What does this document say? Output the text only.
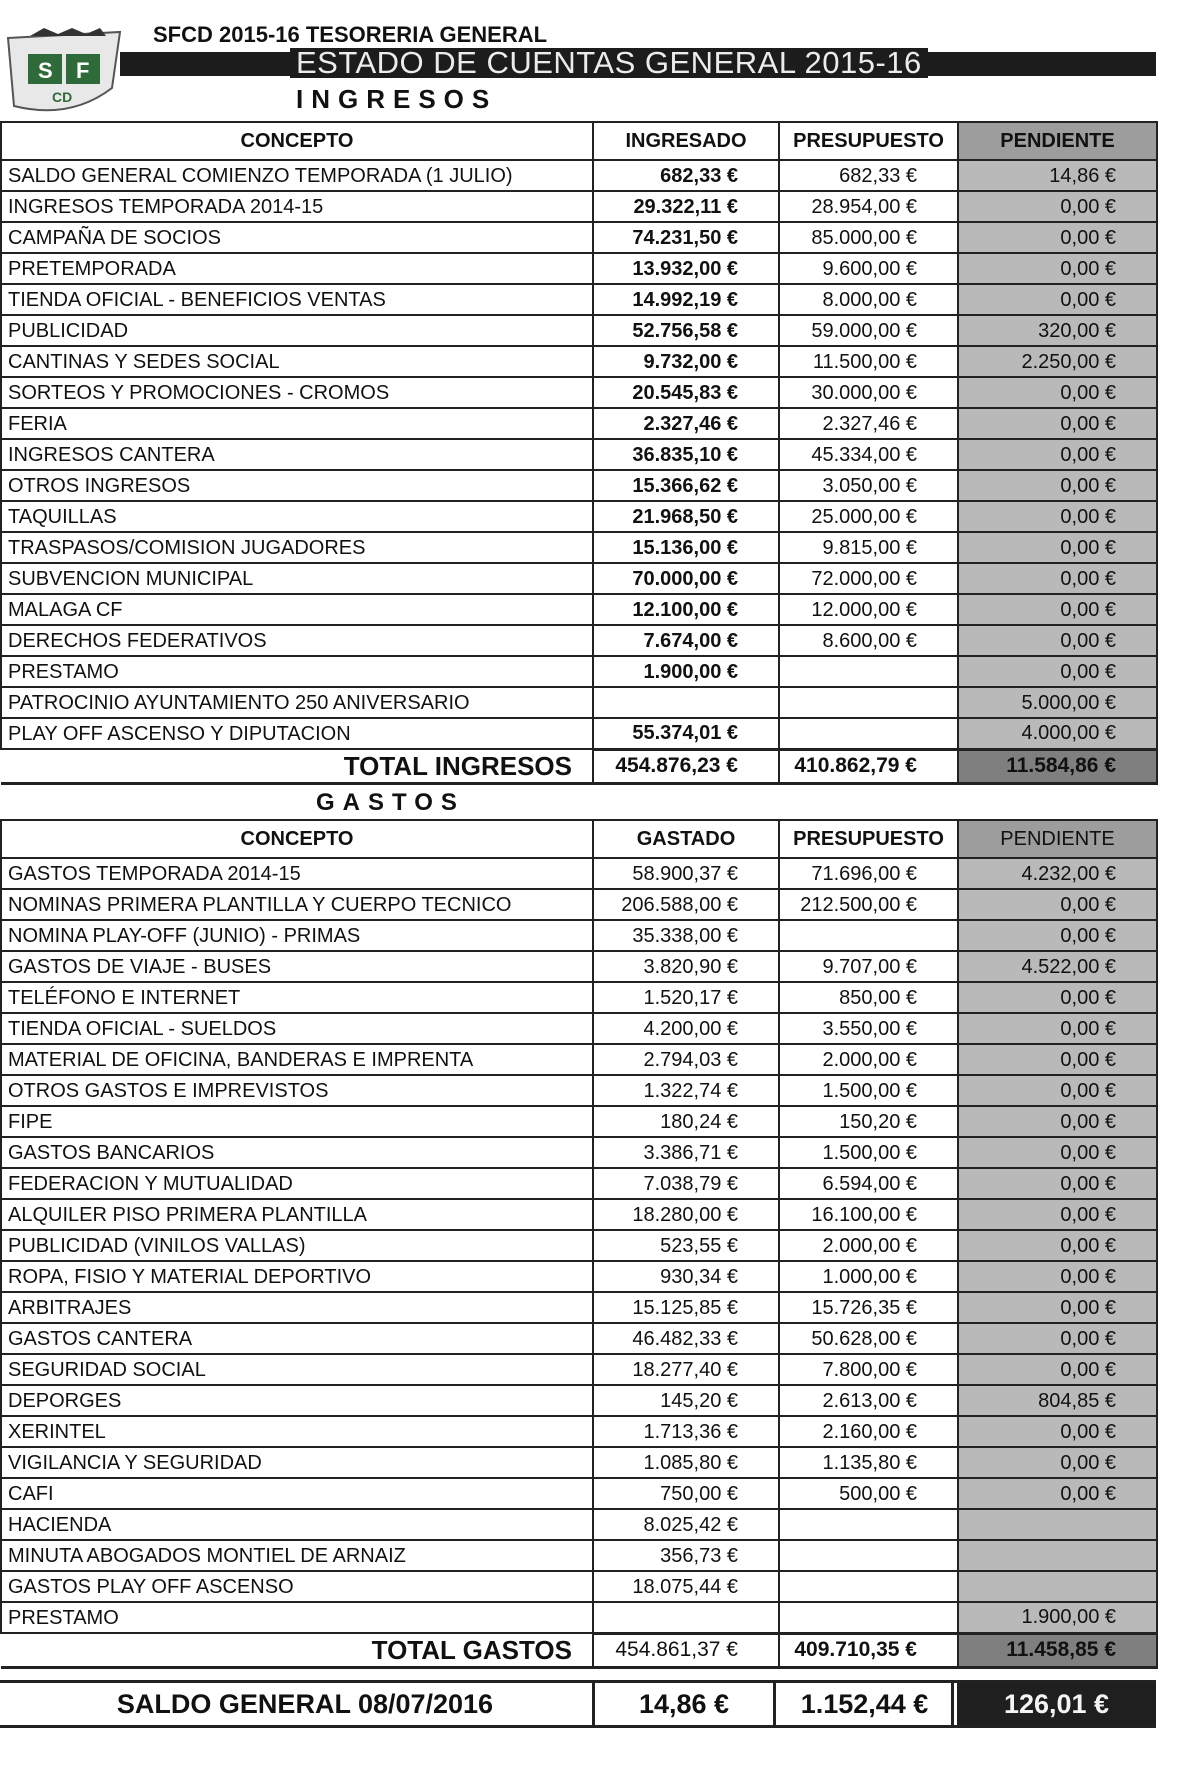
S F
CD
SFCD 2015-16 TESORERIA GENERAL
ESTADO DE CUENTAS GENERAL 2015-16
INGRESOS
CONCEPTO	INGRESADO	PRESUPUESTO	PENDIENTE
SALDO GENERAL COMIENZO TEMPORADA (1 JULIO)	682,33 €	682,33 €	14,86 €
INGRESOS TEMPORADA 2014-15	29.322,11 €	28.954,00 €	0,00 €
CAMPAÑA DE SOCIOS	74.231,50 €	85.000,00 €	0,00 €
PRETEMPORADA	13.932,00 €	9.600,00 €	0,00 €
TIENDA OFICIAL - BENEFICIOS VENTAS	14.992,19 €	8.000,00 €	0,00 €
PUBLICIDAD	52.756,58 €	59.000,00 €	320,00 €
CANTINAS Y SEDES SOCIAL	9.732,00 €	11.500,00 €	2.250,00 €
SORTEOS Y PROMOCIONES - CROMOS	20.545,83 €	30.000,00 €	0,00 €
FERIA	2.327,46 €	2.327,46 €	0,00 €
INGRESOS CANTERA	36.835,10 €	45.334,00 €	0,00 €
OTROS INGRESOS	15.366,62 €	3.050,00 €	0,00 €
TAQUILLAS	21.968,50 €	25.000,00 €	0,00 €
TRASPASOS/COMISION JUGADORES	15.136,00 €	9.815,00 €	0,00 €
SUBVENCION MUNICIPAL	70.000,00 €	72.000,00 €	0,00 €
MALAGA CF	12.100,00 €	12.000,00 €	0,00 €
DERECHOS FEDERATIVOS	7.674,00 €	8.600,00 €	0,00 €
PRESTAMO	1.900,00 €		0,00 €
PATROCINIO AYUNTAMIENTO 250 ANIVERSARIO			5.000,00 €
PLAY OFF ASCENSO Y DIPUTACION	55.374,01 €		4.000,00 €
TOTAL INGRESOS	454.876,23 €	410.862,79 €	11.584,86 €
GASTOS
CONCEPTO	GASTADO	PRESUPUESTO	PENDIENTE
GASTOS TEMPORADA 2014-15	58.900,37 €	71.696,00 €	4.232,00 €
NOMINAS PRIMERA PLANTILLA Y CUERPO TECNICO	206.588,00 €	212.500,00 €	0,00 €
NOMINA PLAY-OFF (JUNIO) - PRIMAS	35.338,00 €		0,00 €
GASTOS DE VIAJE - BUSES	3.820,90 €	9.707,00 €	4.522,00 €
TELÉFONO E INTERNET	1.520,17 €	850,00 €	0,00 €
TIENDA OFICIAL - SUELDOS	4.200,00 €	3.550,00 €	0,00 €
MATERIAL DE OFICINA, BANDERAS E IMPRENTA	2.794,03 €	2.000,00 €	0,00 €
OTROS GASTOS E IMPREVISTOS	1.322,74 €	1.500,00 €	0,00 €
FIPE	180,24 €	150,20 €	0,00 €
GASTOS BANCARIOS	3.386,71 €	1.500,00 €	0,00 €
FEDERACION Y MUTUALIDAD	7.038,79 €	6.594,00 €	0,00 €
ALQUILER PISO PRIMERA PLANTILLA	18.280,00 €	16.100,00 €	0,00 €
PUBLICIDAD (VINILOS VALLAS)	523,55 €	2.000,00 €	0,00 €
ROPA, FISIO Y MATERIAL DEPORTIVO	930,34 €	1.000,00 €	0,00 €
ARBITRAJES	15.125,85 €	15.726,35 €	0,00 €
GASTOS CANTERA	46.482,33 €	50.628,00 €	0,00 €
SEGURIDAD SOCIAL	18.277,40 €	7.800,00 €	0,00 €
DEPORGES	145,20 €	2.613,00 €	804,85 €
XERINTEL	1.713,36 €	2.160,00 €	0,00 €
VIGILANCIA Y SEGURIDAD	1.085,80 €	1.135,80 €	0,00 €
CAFI	750,00 €	500,00 €	0,00 €
HACIENDA	8.025,42 €		
MINUTA ABOGADOS MONTIEL DE ARNAIZ	356,73 €		
GASTOS PLAY OFF ASCENSO	18.075,44 €		
PRESTAMO			1.900,00 €
TOTAL GASTOS	454.861,37 €	409.710,35 €	11.458,85 €
SALDO GENERAL 08/07/2016	14,86 €	1.152,44 €	126,01 €
